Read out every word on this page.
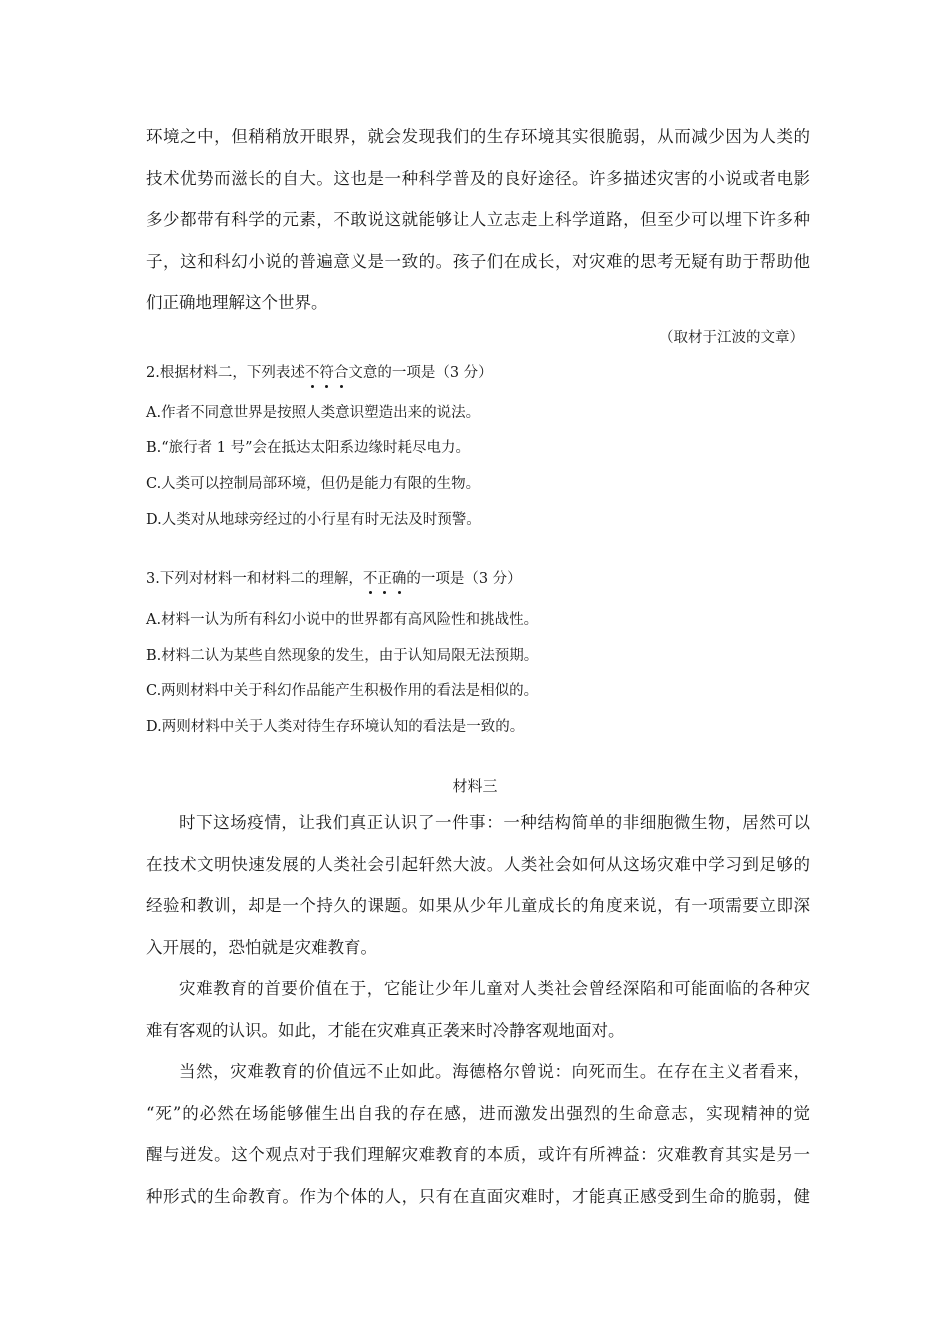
环境之中，但稍稍放开眼界，就会发现我们的生存环境其实很脆弱，从而减少因为人类的
技术优势而滋长的自大。这也是一种科学普及的良好途径。许多描述灾害的小说或者电影
多少都带有科学的元素，不敢说这就能够让人立志走上科学道路，但至少可以埋下许多种
子，这和科幻小说的普遍意义是一致的。孩子们在成长，对灾难的思考无疑有助于帮助他
们正确地理解这个世界。
（取材于江波的文章）
2.根据材料二，下列表述不符合文意的一项是（3 分）
A.作者不同意世界是按照人类意识塑造出来的说法。
B.“旅行者 1 号”会在抵达太阳系边缘时耗尽电力。
C.人类可以控制局部环境，但仍是能力有限的生物。
D.人类对从地球旁经过的小行星有时无法及时预警。
3.下列对材料一和材料二的理解，不正确的一项是（3 分）
A.材料一认为所有科幻小说中的世界都有高风险性和挑战性。
B.材料二认为某些自然现象的发生，由于认知局限无法预期。
C.两则材料中关于科幻作品能产生积极作用的看法是相似的。
D.两则材料中关于人类对待生存环境认知的看法是一致的。
材料三
时下这场疫情，让我们真正认识了一件事：一种结构简单的非细胞微生物，居然可以
在技术文明快速发展的人类社会引起轩然大波。人类社会如何从这场灾难中学习到足够的
经验和教训，却是一个持久的课题。如果从少年儿童成长的角度来说，有一项需要立即深
入开展的，恐怕就是灾难教育。
灾难教育的首要价值在于，它能让少年儿童对人类社会曾经深陷和可能面临的各种灾
难有客观的认识。如此，才能在灾难真正袭来时冷静客观地面对。
当然，灾难教育的价值远不止如此。海德格尔曾说：向死而生。在存在主义者看来，
“死”的必然在场能够催生出自我的存在感，进而激发出强烈的生命意志，实现精神的觉
醒与迸发。这个观点对于我们理解灾难教育的本质，或许有所裨益：灾难教育其实是另一
种形式的生命教育。作为个体的人，只有在直面灾难时，才能真正感受到生命的脆弱，健
